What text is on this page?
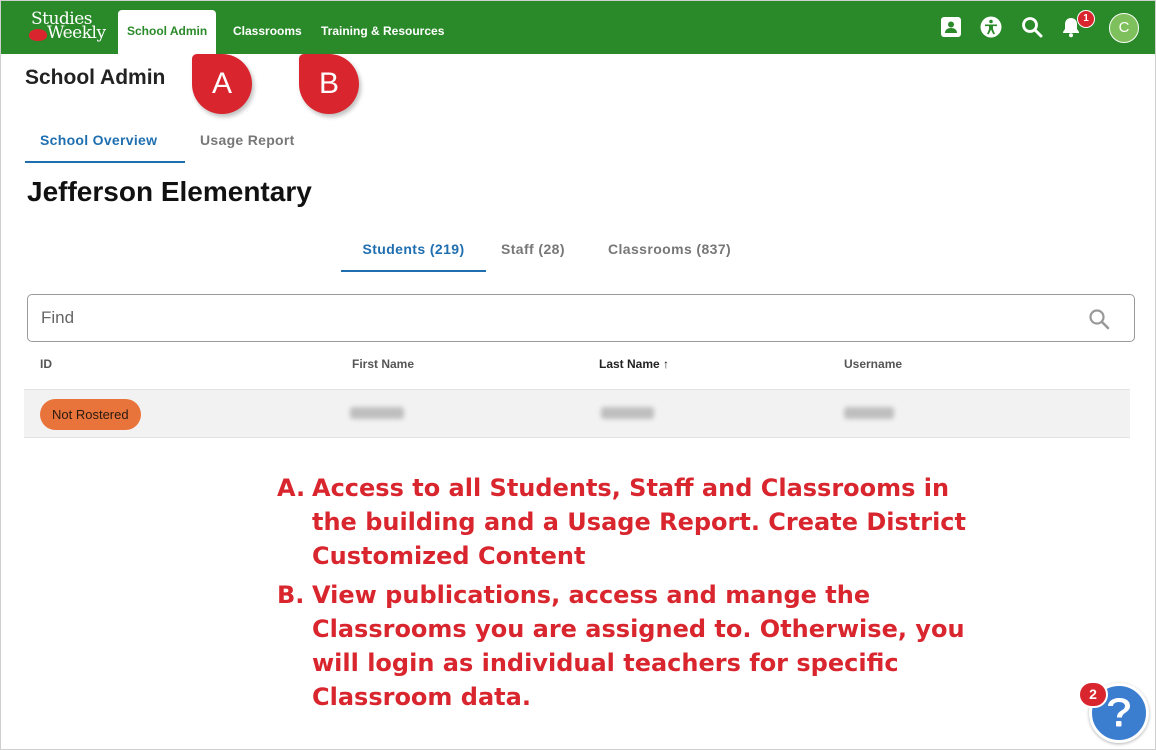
Studies
Weekly	School Admin	Classrooms Training & Resources
1
C
School Admin	A	B
School Overview	Usage Report
Jefferson Elementary
Students (219)	Staff (28)	Classrooms (837)
Find
ID	First Name	Last Name ↑	Username
Not Rostered
A. Access to all Students, Staff and Classrooms in the building and a Usage Report. Create District Customized Content
B. View publications, access and mange the Classrooms you are assigned to. Otherwise, you will login as individual teachers for specific Classroom data.	2
